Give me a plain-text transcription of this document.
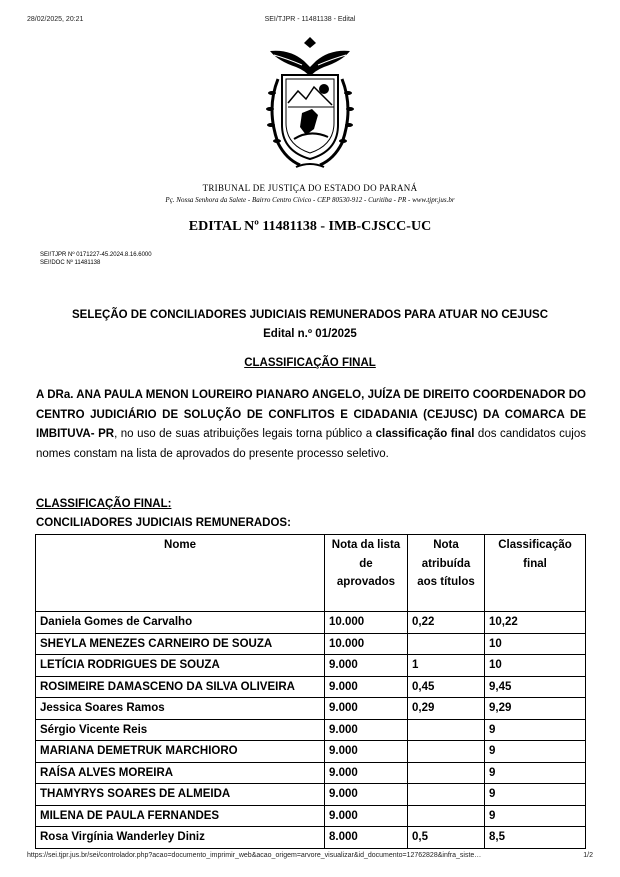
28/02/2025, 20:21	SEI/TJPR - 11481138 - Edital
TRIBUNAL DE JUSTIÇA DO ESTADO DO PARANÁ
Pç. Nossa Senhora da Salete - Bairro Centro Cívico - CEP 80530-912 - Curitiba - PR - www.tjpr.jus.br
EDITAL Nº 11481138 - IMB-CJSCC-UC
SEI!TJPR Nº 0171227-45.2024.8.16.6000
SEI!DOC Nº 11481138
SELEÇÃO DE CONCILIADORES JUDICIAIS REMUNERADOS PARA ATUAR NO CEJUSC
Edital n.º 01/2025
CLASSIFICAÇÃO FINAL
A DRa. ANA PAULA MENON LOUREIRO PIANARO ANGELO, JUÍZA DE DIREITO COORDENADOR DO CENTRO JUDICIÁRIO DE SOLUÇÃO DE CONFLITOS E CIDADANIA (CEJUSC) DA COMARCA DE IMBITUVA- PR, no uso de suas atribuições legais torna público a classificação final dos candidatos cujos nomes constam na lista de aprovados do presente processo seletivo.
CLASSIFICAÇÃO FINAL:
CONCILIADORES JUDICIAIS REMUNERADOS:
Nome	Nota da lista de aprovados	Nota atribuída aos títulos	Classificação final
Daniela Gomes de Carvalho	10.000	0,22	10,22
SHEYLA MENEZES CARNEIRO DE SOUZA	10.000		10
LETÍCIA RODRIGUES DE SOUZA	9.000	1	10
ROSIMEIRE DAMASCENO DA SILVA OLIVEIRA	9.000	0,45	9,45
Jessica Soares Ramos	9.000	0,29	9,29
Sérgio Vicente Reis	9.000		9
MARIANA DEMETRUK MARCHIORO	9.000		9
RAÍSA ALVES MOREIRA	9.000		9
THAMYRYS SOARES DE ALMEIDA	9.000		9
MILENA DE PAULA FERNANDES	9.000		9
Rosa Virgínia Wanderley Diniz	8.000	0,5	8,5
https://sei.tjpr.jus.br/sei/controlador.php?acao=documento_imprimir_web&acao_origem=arvore_visualizar&id_documento=12762828&infra_siste…	1/2
